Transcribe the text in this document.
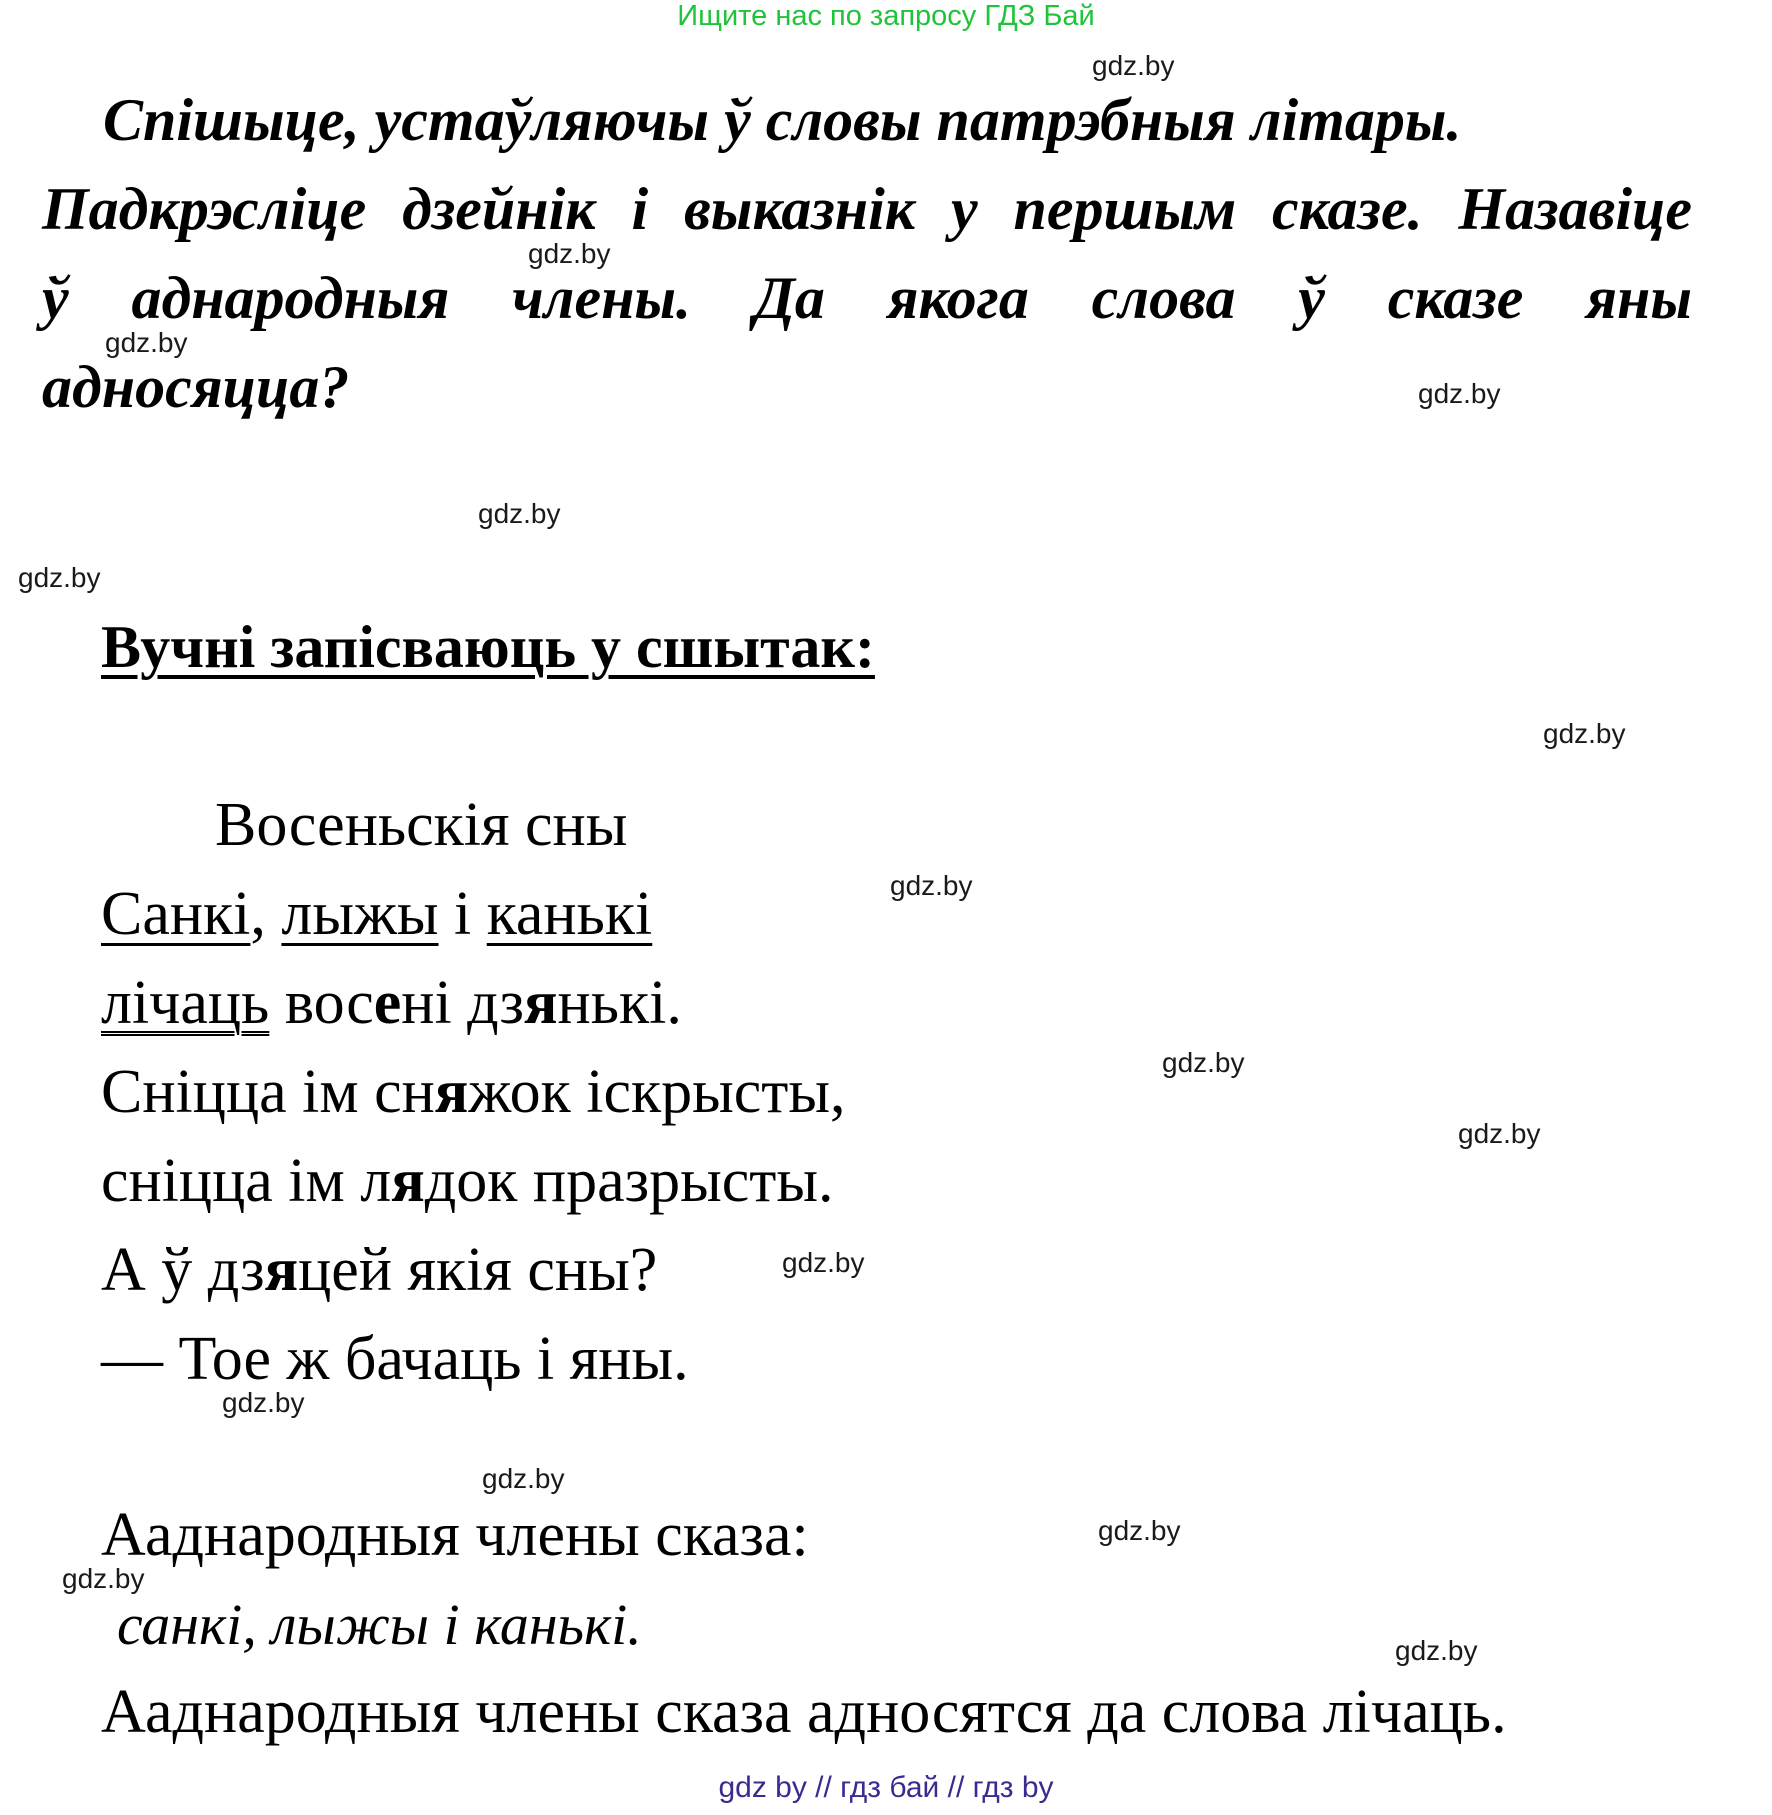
Ищите нас по запросу ГДЗ Бай
gdz.by
gdz.by
gdz.by
gdz.by
gdz.by
gdz.by
gdz.by
gdz.by
gdz.by
gdz.by
gdz.by
gdz.by
gdz.by
gdz.by
gdz.by
gdz.by
Спішыце, устаўляючы ў словы патрэбныя літары.
Падкрэсліце дзейнік і выказнік у першым сказе. Назавіце
ў аднародныя члены. Да якога слова ў сказе яны
адносяцца?
Вучні запісваюць у сшытак:
Восеньскія сны
Санкі, лыжы і канькі
лічаць восені дзянькі.
Сніцца ім сняжок іскрысты,
сніцца ім лядок празрысты.
А ў дзяцей якія сны?
— Тое ж бачаць і яны.
Ааднародныя члены сказа:
санкі, лыжы і канькі.
Ааднародныя члены сказа адносятся да слова лічаць.
gdz by // гдз бай // гдз by
